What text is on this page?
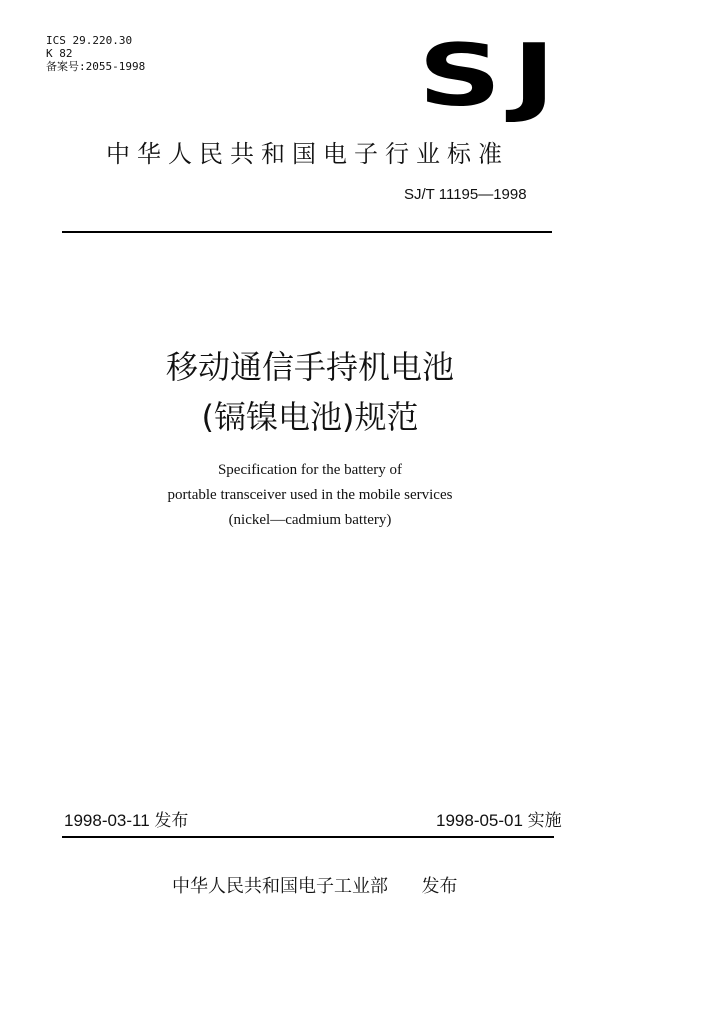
ICS 29.220.30
K 82
备案号:2055-1998	SJ
中华人民共和国电子行业标准
SJ/T 11195—1998
移动通信手持机电池
(镉镍电池)规范
Specification for the battery of
portable transceiver used in the mobile services
(nickel—cadmium battery)
1998-03-11 发布	1998-05-01 实施
中华人民共和国电子工业部 发布
